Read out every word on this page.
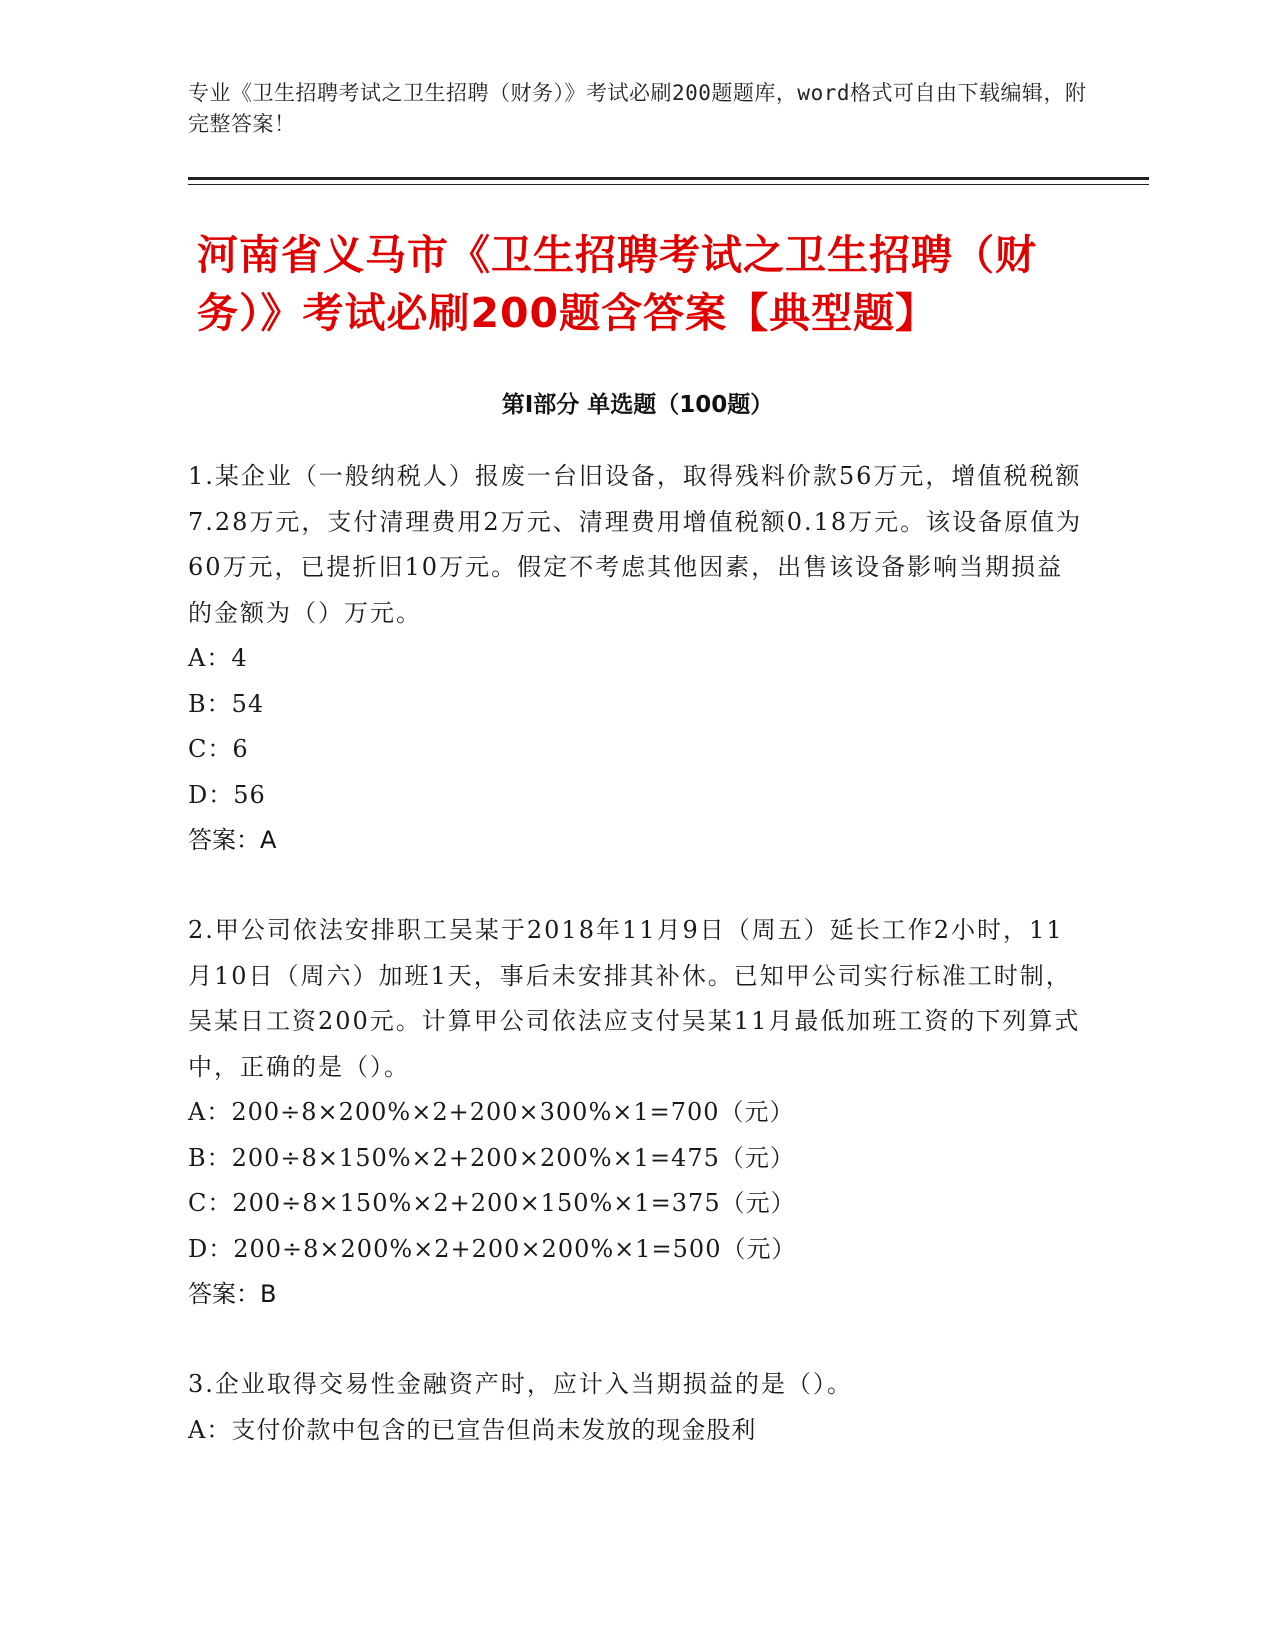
专业《卫生招聘考试之卫生招聘（财务）》考试必刷200题题库，word格式可自由下载编辑，附完整答案！
河南省义马市《卫生招聘考试之卫生招聘（财务）》考试必刷200题含答案【典型题】
第Ⅰ部分 单选题（100题）
1.某企业（一般纳税人）报废一台旧设备，取得残料价款56万元，增值税税额7.28万元，支付清理费用2万元、清理费用增值税额0.18万元。该设备原值为60万元，已提折旧10万元。假定不考虑其他因素，出售该设备影响当期损益的金额为（）万元。
A：4
B：54
C：6
D：56
答案：A
2.甲公司依法安排职工吴某于2018年11月9日（周五）延长工作2小时，11月10日（周六）加班1天，事后未安排其补休。已知甲公司实行标准工时制，吴某日工资200元。计算甲公司依法应支付吴某11月最低加班工资的下列算式中，正确的是（）。
A：200÷8×200%×2+200×300%×1=700（元）
B：200÷8×150%×2+200×200%×1=475（元）
C：200÷8×150%×2+200×150%×1=375（元）
D：200÷8×200%×2+200×200%×1=500（元）
答案：B
3.企业取得交易性金融资产时，应计入当期损益的是（）。
A：支付价款中包含的已宣告但尚未发放的现金股利
